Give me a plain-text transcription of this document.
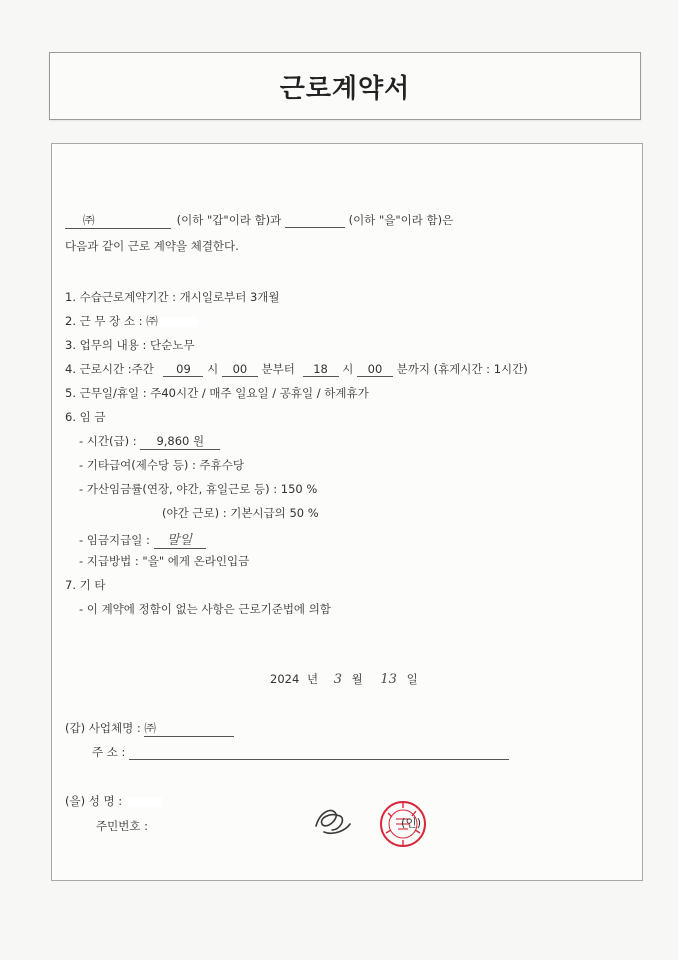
근로계약서
㈜	(이하 "갑"이라 함)과	(이하 "을"이라 함)은
다음과 같이 근로 계약을 체결한다.
1. 수습근로계약기간 : 개시일로부터 3개월
2. 근 무 장 소 : ㈜
3. 업무의 내용 : 단순노무
4. 근로시간 :주간 09 시 00 분부터 18 시 00 분까지 (휴게시간 : 1시간)
5. 근무일/휴일 : 주40시간 / 매주 일요일 / 공휴일 / 하계휴가
6. 임 금
- 시간(급) : 9,860 원
- 기타급여(제수당 등) : 주휴수당
- 가산임금률(연장, 야간, 휴일근로 등) : 150 %
(야간 근로) : 기본시급의 50 %
- 임금지급일 : 말일
- 지급방법 : "을" 에게 온라인입금
7. 기 타
- 이 계약에 정함이 없는 사항은 근로기준법에 의함
2024 년 3 월 13 일
(갑) 사업체명 : ㈜
주 소 :
(을) 성 명 :
주민번호 :	(인)
